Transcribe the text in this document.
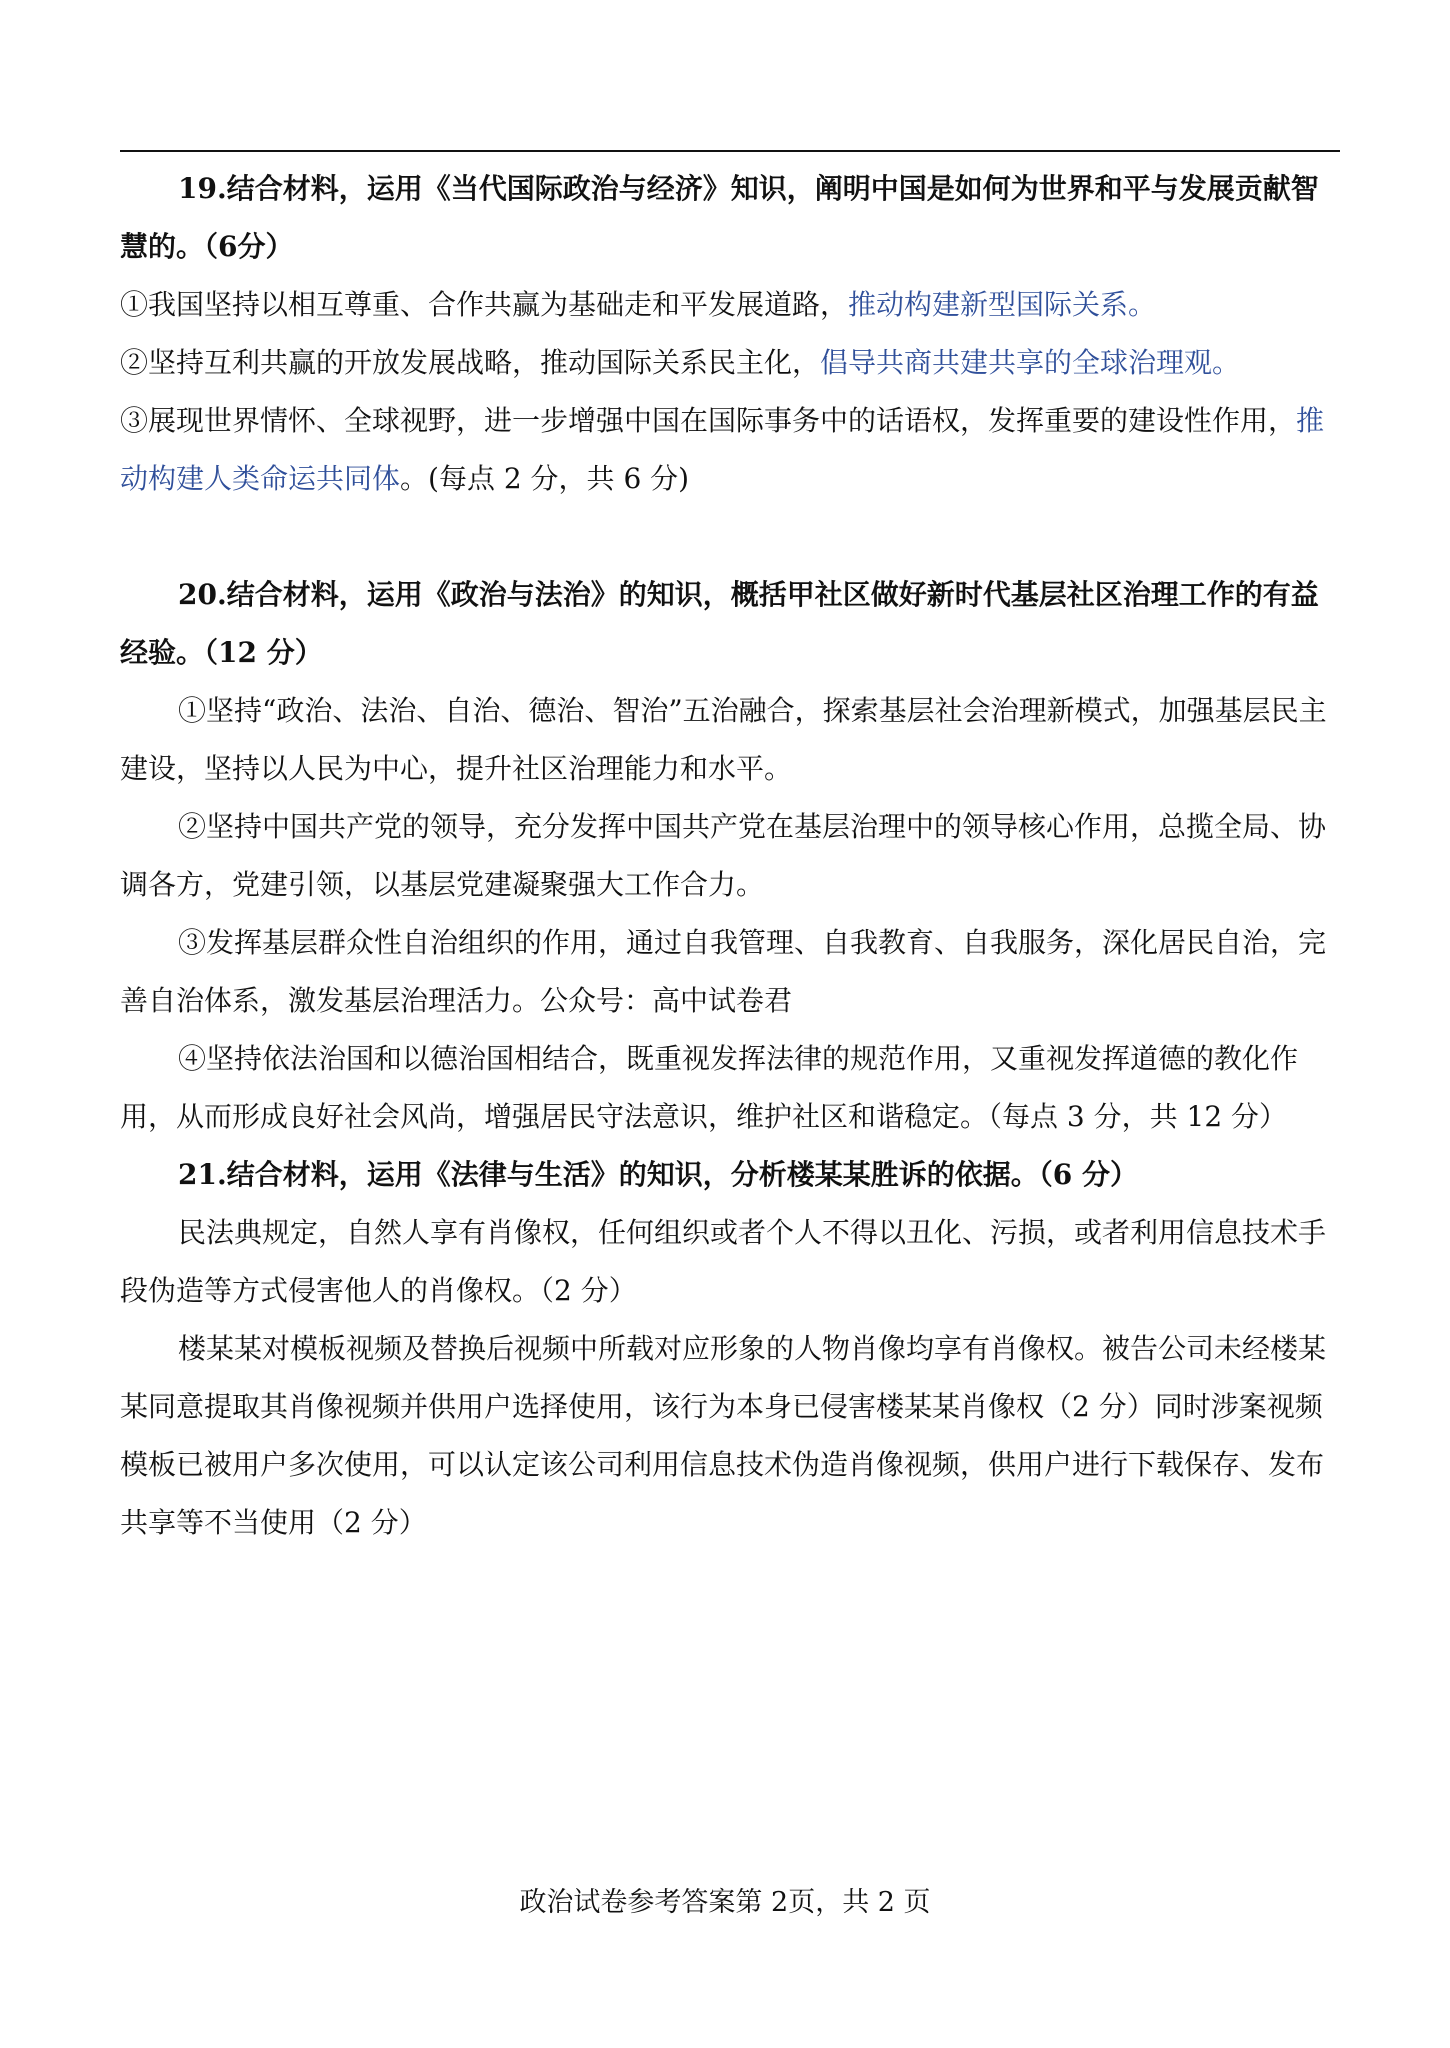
19.结合材料，运用《当代国际政治与经济》知识，阐明中国是如何为世界和平与发展贡献智慧的。（6分）

①我国坚持以相互尊重、合作共赢为基础走和平发展道路，推动构建新型国际关系。

②坚持互利共赢的开放发展战略，推动国际关系民主化，倡导共商共建共享的全球治理观。

③展现世界情怀、全球视野，进一步增强中国在国际事务中的话语权，发挥重要的建设性作用，推动构建人类命运共同体。(每点 2 分，共 6 分)

20.结合材料，运用《政治与法治》的知识，概括甲社区做好新时代基层社区治理工作的有益经验。（12 分）

①坚持“政治、法治、自治、德治、智治”五治融合，探索基层社会治理新模式，加强基层民主建设，坚持以人民为中心，提升社区治理能力和水平。

②坚持中国共产党的领导，充分发挥中国共产党在基层治理中的领导核心作用，总揽全局、协调各方，党建引领，以基层党建凝聚强大工作合力。

③发挥基层群众性自治组织的作用，通过自我管理、自我教育、自我服务，深化居民自治，完善自治体系，激发基层治理活力。公众号：高中试卷君

④坚持依法治国和以德治国相结合，既重视发挥法律的规范作用，又重视发挥道德的教化作用，从而形成良好社会风尚，增强居民守法意识，维护社区和谐稳定。（每点 3 分，共 12 分）

21.结合材料，运用《法律与生活》的知识，分析楼某某胜诉的依据。（6 分）

民法典规定，自然人享有肖像权，任何组织或者个人不得以丑化、污损，或者利用信息技术手段伪造等方式侵害他人的肖像权。（2 分）

楼某某对模板视频及替换后视频中所载对应形象的人物肖像均享有肖像权。被告公司未经楼某某同意提取其肖像视频并供用户选择使用，该行为本身已侵害楼某某肖像权（2 分）同时涉案视频模板已被用户多次使用，可以认定该公司利用信息技术伪造肖像视频，供用户进行下载保存、发布共享等不当使用（2 分）

政治试卷参考答案第 2页，共 2 页
